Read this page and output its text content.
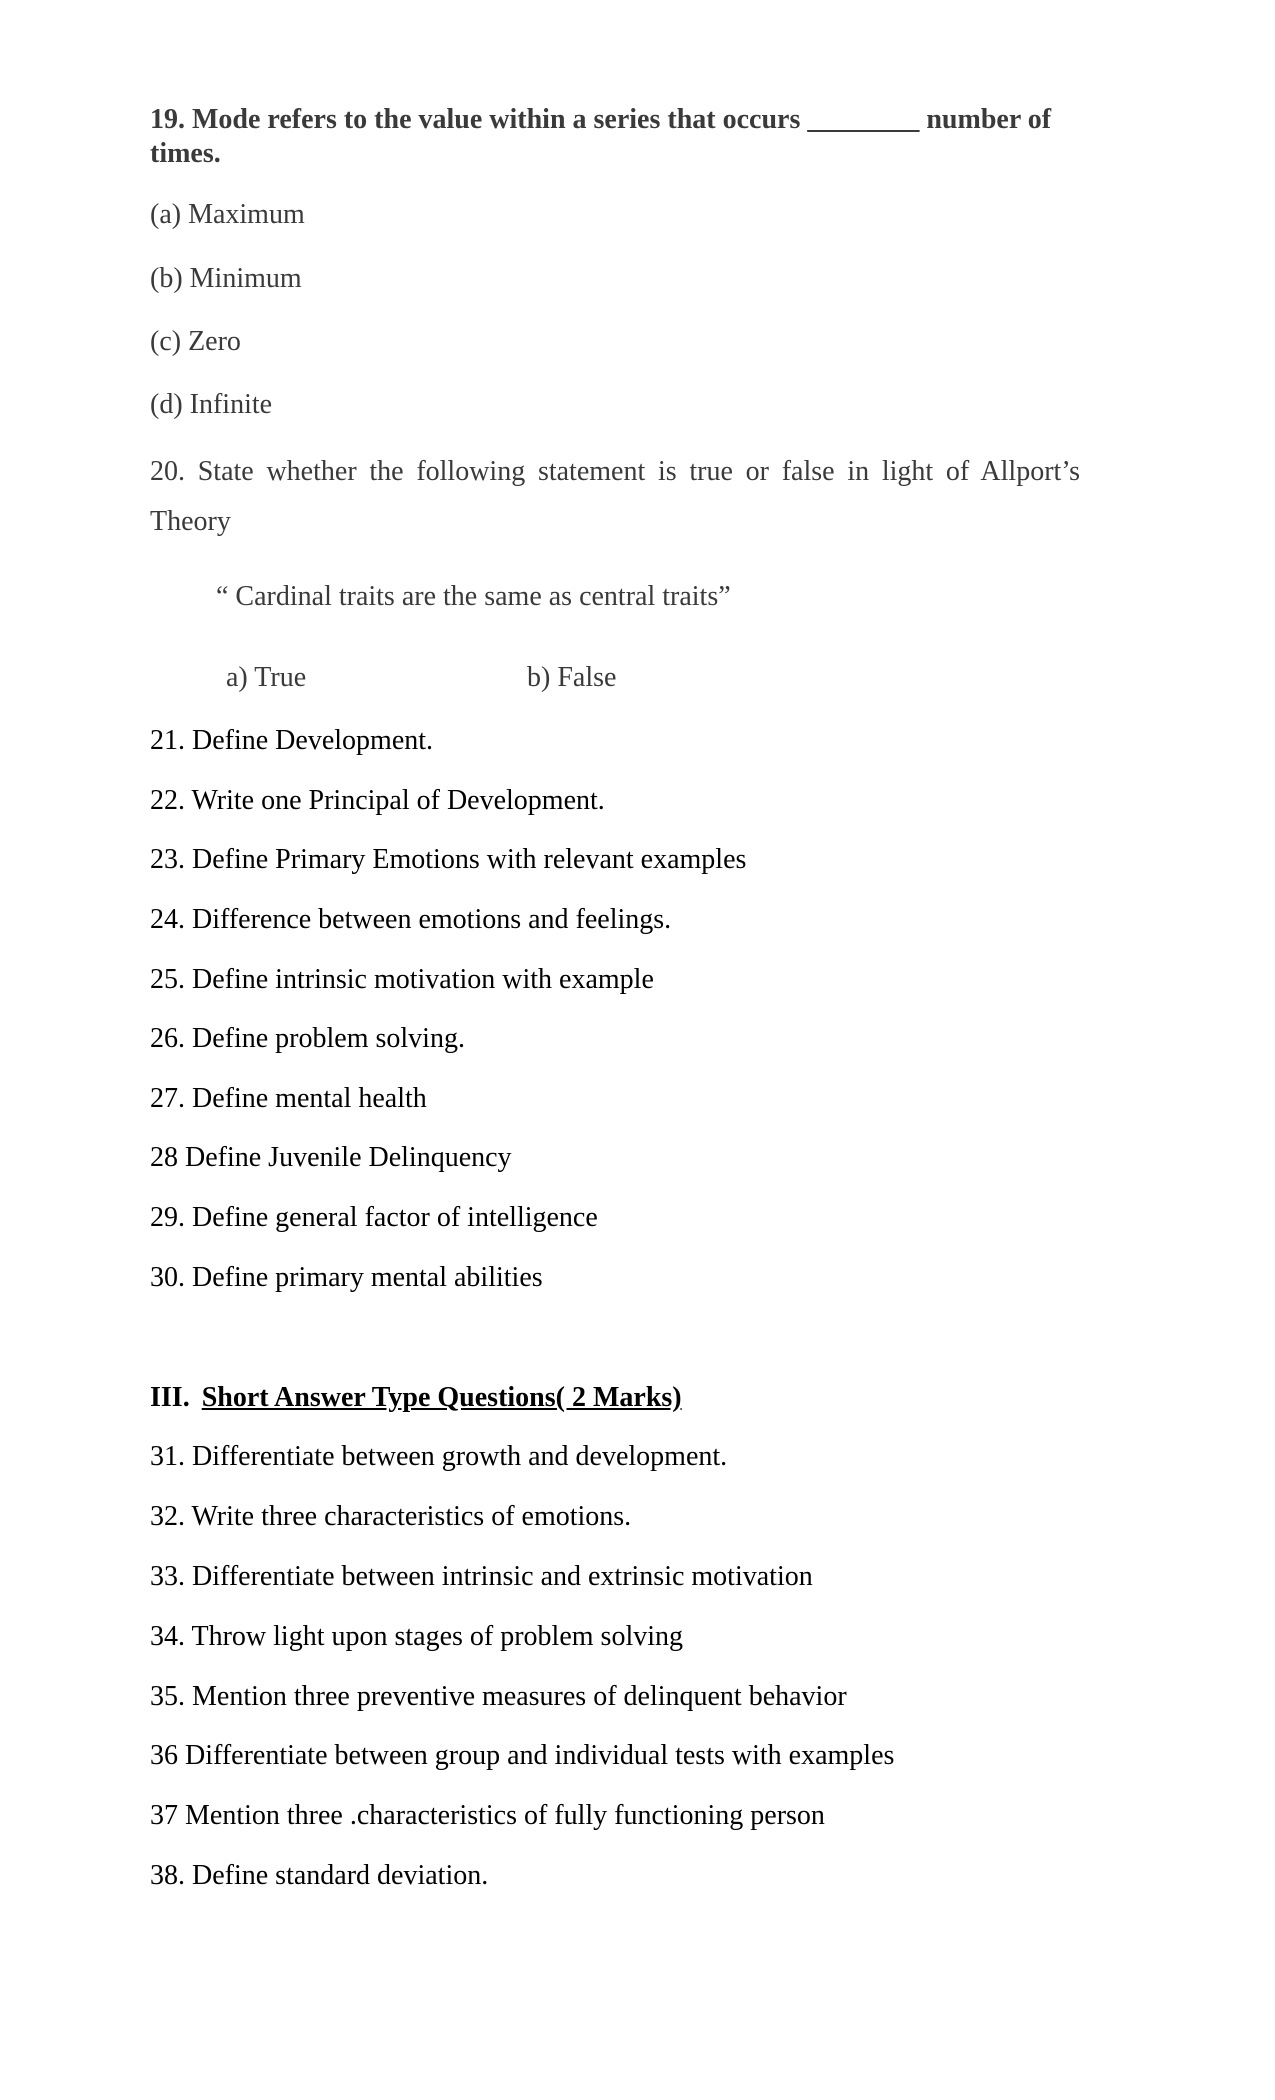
19. Mode refers to the value within a series that occurs ________ number of times.
(a) Maximum
(b) Minimum
(c) Zero
(d) Infinite
20. State whether the following statement is true or false in light of Allport’s Theory
“ Cardinal traits are the same as central traits”
a) True	b) False
21. Define Development.
22. Write one Principal of Development.
23. Define Primary Emotions with relevant examples
24. Difference between emotions and feelings.
25. Define intrinsic motivation with example
26. Define problem solving.
27. Define mental health
28 Define Juvenile Delinquency
29. Define general factor of intelligence
30. Define primary mental abilities
III. Short Answer Type Questions( 2 Marks)
31. Differentiate between growth and development.
32. Write three characteristics of emotions.
33. Differentiate between intrinsic and extrinsic motivation
34. Throw light upon stages of problem solving
35. Mention three preventive measures of delinquent behavior
36 Differentiate between group and individual tests with examples
37 Mention three .characteristics of fully functioning person
38. Define standard deviation.
